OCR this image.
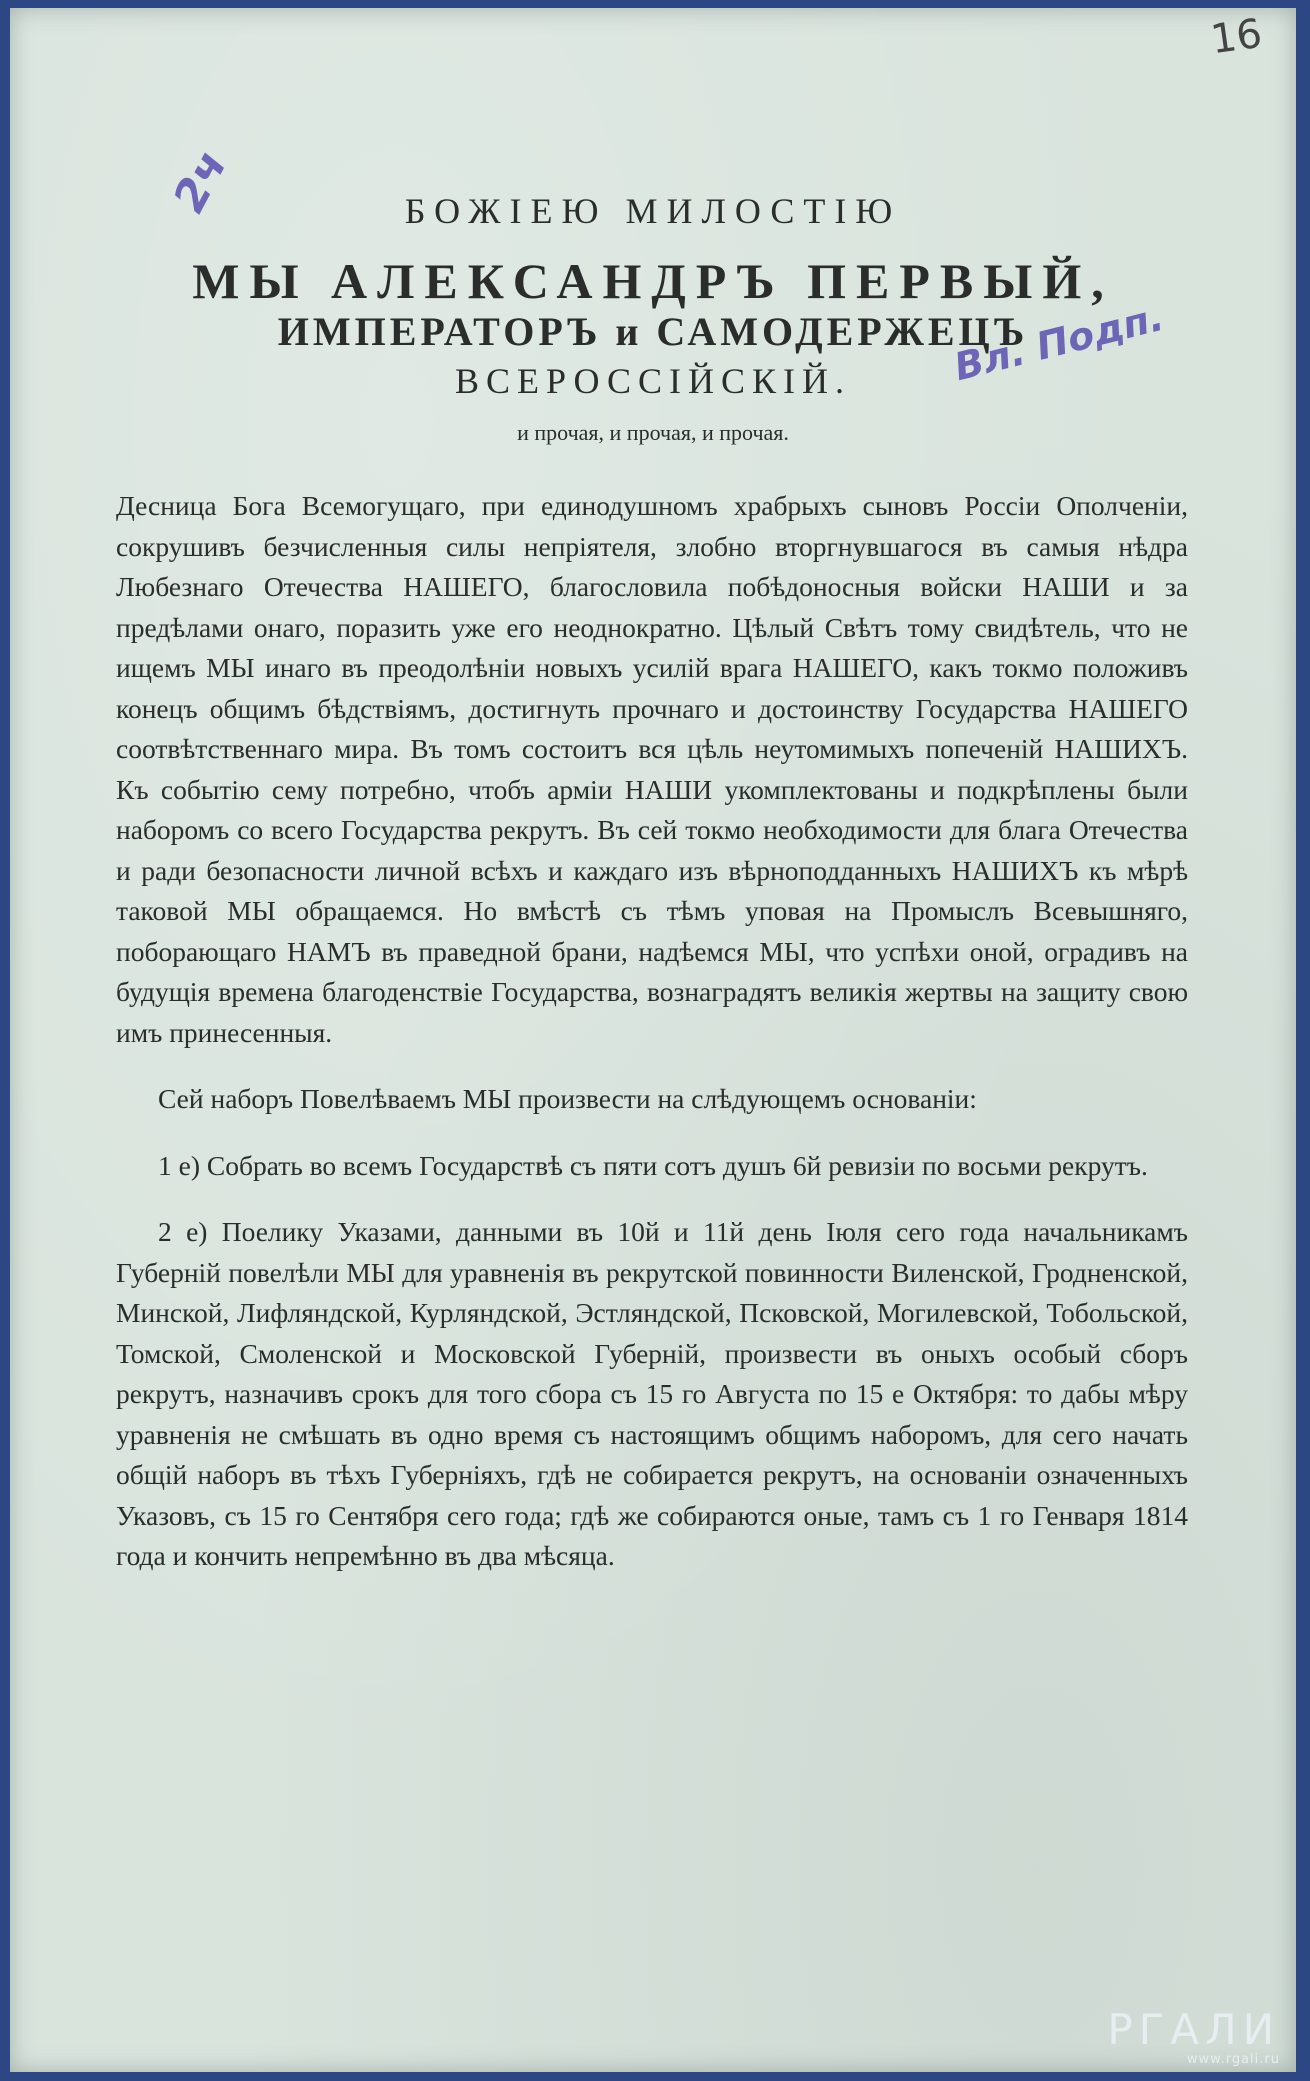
16
2ч
Вл. Подп.
БОЖІЕЮ МИЛОСТІЮ
МЫ АЛЕКСАНДРЪ ПЕРВЫЙ,
ИМПЕРАТОРЪ и САМОДЕРЖЕЦЪ
ВСЕРОССІЙСКІЙ.
и прочая, и прочая, и прочая.

Десница Бога Всемогущаго, при единодушномъ храбрыхъ сыновъ Россіи Ополченіи, сокрушивъ безчисленныя силы непріятеля, злобно вторгнувшагося въ самыя нѣдра Любезнаго Отечества НАШЕГО, благословила побѣдоносныя войски НАШИ и за предѣлами онаго, поразить уже его неоднократно. Цѣлый Свѣтъ тому свидѣтель, что не ищемъ МЫ инаго въ преодолѣніи новыхъ усилій врага НАШЕГО, какъ токмо положивъ конецъ общимъ бѣдствіямъ, достигнуть прочнаго и достоинству Государства НАШЕГО соотвѣтственнаго мира. Въ томъ состоитъ вся цѣль неутомимыхъ попеченій НАШИХЪ. Къ событію сему потребно, чтобъ арміи НАШИ укомплектованы и подкрѣплены были наборомъ со всего Государства рекрутъ. Въ сей токмо необходимости для блага Отечества и ради безопасности личной всѣхъ и каждаго изъ вѣрноподданныхъ НАШИХЪ къ мѣрѣ таковой МЫ обращаемся. Но вмѣстѣ съ тѣмъ уповая на Промыслъ Всевышняго, поборающаго НАМЪ въ праведной брани, надѣемся МЫ, что успѣхи оной, оградивъ на будущія времена благоденствіе Государства, вознаградятъ великія жертвы на защиту свою имъ принесенныя.

Сей наборъ Повелѣваемъ МЫ произвести на слѣдующемъ основаніи:

1 е) Собрать во всемъ Государствѣ съ пяти сотъ душъ 6й ревизіи по восьми рекрутъ.

2 е) Поелику Указами, данными въ 10й и 11й день Іюля сего года начальникамъ Губерній повелѣли МЫ для уравненія въ рекрутской повинности Виленской, Гродненской, Минской, Лифляндской, Курляндской, Эстляндской, Псковской, Могилевской, Тобольской, Томской, Смоленской и Московской Губерній, произвести въ оныхъ особый сборъ рекрутъ, назначивъ срокъ для того сбора съ 15 го Августа по 15 е Октября: то дабы мѣру уравненія не смѣшать въ одно время съ настоящимъ общимъ наборомъ, для сего начать общій наборъ въ тѣхъ Губерніяхъ, гдѣ не собирается рекрутъ, на основаніи означенныхъ Указовъ, съ 15 го Сентября сего года; гдѣ же собираются оные, тамъ съ 1 го Генваря 1814 года и кончить непремѣнно въ два мѣсяца.

РГАЛИ
www.rgali.ru
